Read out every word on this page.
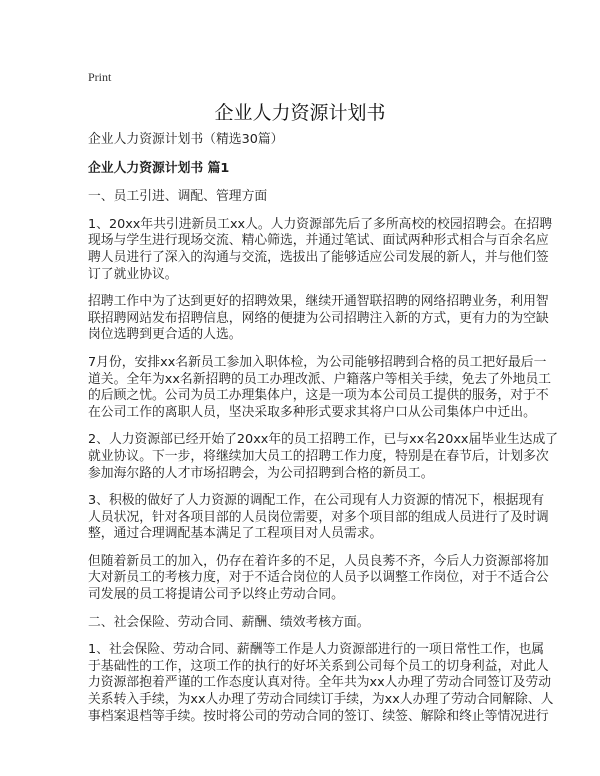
Print
企业人力资源计划书
企业人力资源计划书（精选30篇）
企业人力资源计划书 篇1
一、员工引进、调配、管理方面
1、20xx年共引进新员工xx人。人力资源部先后了多所高校的校园招聘会。在招聘
现场与学生进行现场交流、精心筛选，并通过笔试、面试两种形式相合与百余名应
聘人员进行了深入的沟通与交流，选拔出了能够适应公司发展的新人，并与他们签
订了就业协议。
招聘工作中为了达到更好的招聘效果，继续开通智联招聘的网络招聘业务，利用智
联招聘网站发布招聘信息，网络的便捷为公司招聘注入新的方式，更有力的为空缺
岗位选聘到更合适的人选。
7月份，安排xx名新员工参加入职体检，为公司能够招聘到合格的员工把好最后一
道关。全年为xx名新招聘的员工办理改派、户籍落户等相关手续，免去了外地员工
的后顾之忧。公司为员工办理集体户，这是一项为本公司员工提供的服务，对于不
在公司工作的离职人员，坚决采取多种形式要求其将户口从公司集体户中迁出。
2、人力资源部已经开始了20xx年的员工招聘工作，已与xx名20xx届毕业生达成了
就业协议。下一步，将继续加大员工的招聘工作力度，特别是在春节后，计划多次
参加海尔路的人才市场招聘会，为公司招聘到合格的新员工。
3、积极的做好了人力资源的调配工作，在公司现有人力资源的情况下，根据现有
人员状况，针对各项目部的人员岗位需要，对多个项目部的组成人员进行了及时调
整，通过合理调配基本满足了工程项目对人员需求。
但随着新员工的加入，仍存在着许多的不足，人员良莠不齐，今后人力资源部将加
大对新员工的考核力度，对于不适合岗位的人员予以调整工作岗位，对于不适合公
司发展的员工将提请公司予以终止劳动合同。
二、社会保险、劳动合同、薪酬、绩效考核方面。
1、社会保险、劳动合同、薪酬等工作是人力资源部进行的一项日常性工作，也属
于基础性的工作，这项工作的执行的好坏关系到公司每个员工的切身利益，对此人
力资源部抱着严谨的工作态度认真对待。全年共为xx人办理了劳动合同签订及劳动
关系转入手续，为xx人办理了劳动合同续订手续，为xx人办理了劳动合同解除、人
事档案退档等手续。按时将公司的劳动合同的签订、续签、解除和终止等情况进行
